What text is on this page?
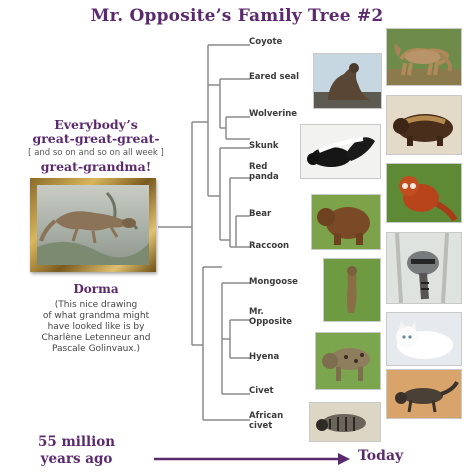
Mr. Opposite’s Family Tree #2
Everybody’s
great-great-great-
[ and so on and so on all week ]
great-grandma!
Dorma
(This nice drawing
of what grandma might
have looked like is by
Charlène Letenneur and
Pascale Golinvaux.)
Coyote
Eared seal
Wolverine
Skunk
Red
panda
Bear
Raccoon
Mongoose
Mr.
Opposite
Hyena
Civet
African
civet
55 million
years ago	Today
